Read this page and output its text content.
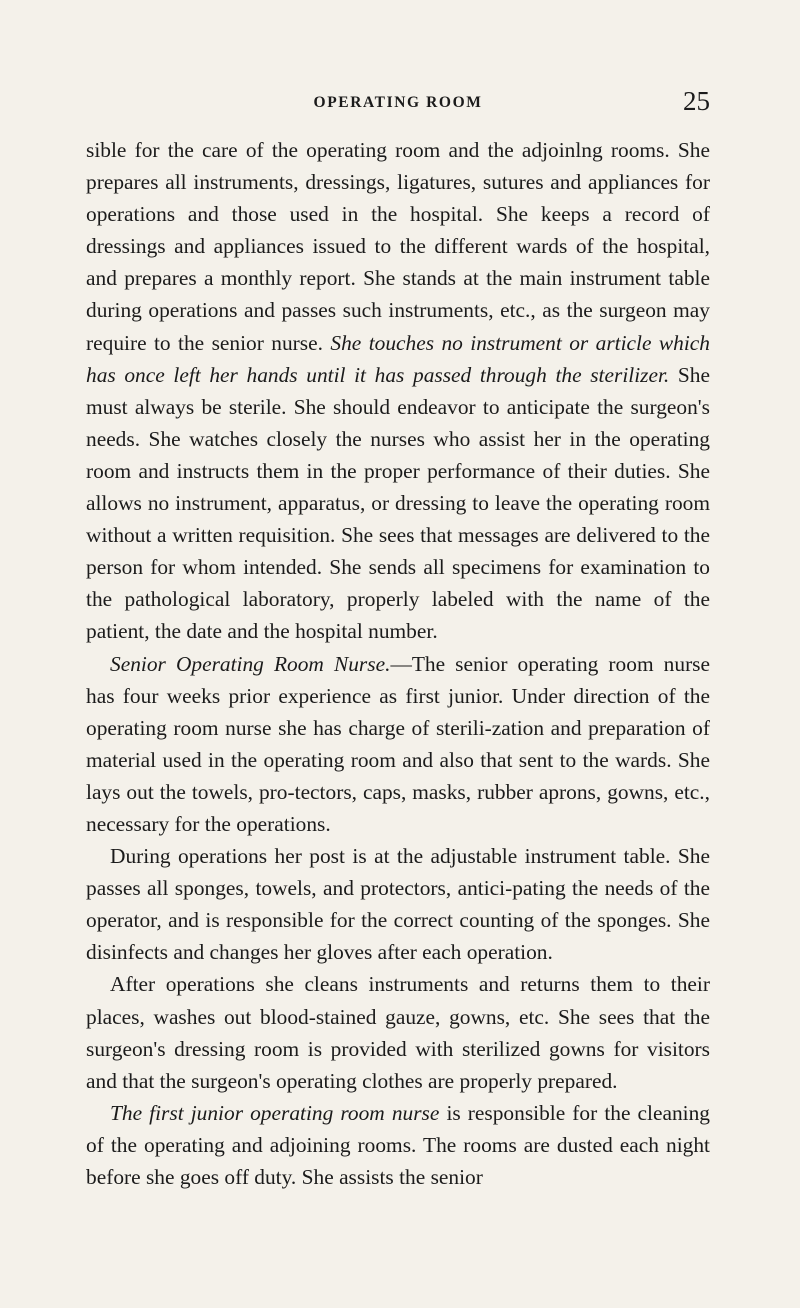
OPERATING ROOM	25

sible for the care of the operating room and the adjoinlng rooms. She prepares all instruments, dressings, ligatures, sutures and appliances for operations and those used in the hospital. She keeps a record of dressings and appliances issued to the different wards of the hospital, and prepares a monthly report. She stands at the main instrument table during operations and passes such instruments, etc., as the surgeon may require to the senior nurse. She touches no instrument or article which has once left her hands until it has passed through the sterilizer. She must always be sterile. She should endeavor to anticipate the surgeon's needs. She watches closely the nurses who assist her in the operating room and instructs them in the proper performance of their duties. She allows no instrument, apparatus, or dressing to leave the operating room without a written requisition. She sees that messages are delivered to the person for whom intended. She sends all specimens for examination to the pathological laboratory, properly labeled with the name of the patient, the date and the hospital number.

Senior Operating Room Nurse.—The senior operating room nurse has four weeks prior experience as first junior. Under direction of the operating room nurse she has charge of sterili-zation and preparation of material used in the operating room and also that sent to the wards. She lays out the towels, pro-tectors, caps, masks, rubber aprons, gowns, etc., necessary for the operations.

During operations her post is at the adjustable instrument table. She passes all sponges, towels, and protectors, antici-pating the needs of the operator, and is responsible for the correct counting of the sponges. She disinfects and changes her gloves after each operation.

After operations she cleans instruments and returns them to their places, washes out blood-stained gauze, gowns, etc. She sees that the surgeon's dressing room is provided with sterilized gowns for visitors and that the surgeon's operating clothes are properly prepared.

The first junior operating room nurse is responsible for the cleaning of the operating and adjoining rooms. The rooms are dusted each night before she goes off duty. She assists the senior
